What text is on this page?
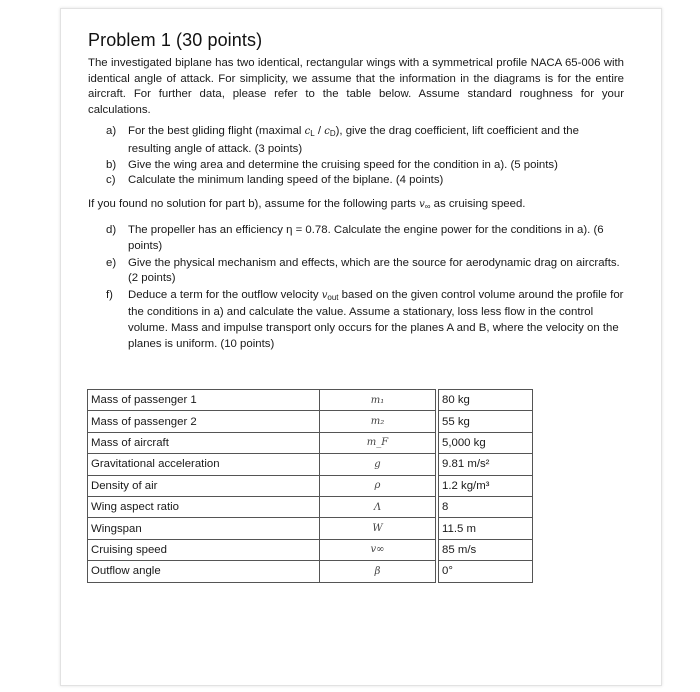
Problem 1 (30 points)

The investigated biplane has two identical, rectangular wings with a symmetrical profile NACA 65-006 with identical angle of attack. For simplicity, we assume that the information in the diagrams is for the entire aircraft. For further data, please refer to the table below. Assume standard roughness for your calculations.

a) For the best gliding flight (maximal $c_L / c_D$), give the drag coefficient, lift coefficient and the resulting angle of attack. (3 points)
b) Give the wing area and determine the cruising speed for the condition in a). (5 points)
c) Calculate the minimum landing speed of the biplane. (4 points)

If you found no solution for part b), assume for the following parts $v_\infty$ as cruising speed.

d) The propeller has an efficiency η = 0.78. Calculate the engine power for the conditions in a). (6 points)
e) Give the physical mechanism and effects, which are the source for aerodynamic drag on aircrafts. (2 points)
f) Deduce a term for the outflow velocity $v_{out}$ based on the given control volume around the profile for the conditions in a) and calculate the value. Assume a stationary, loss less flow in the control volume. Mass and impulse transport only occurs for the planes A and B, where the velocity on the planes is uniform. (10 points)
Mass of passenger 1	m₁		80 kg
Mass of passenger 2	m₂		55 kg
Mass of aircraft	m_F		5,000 kg
Gravitational acceleration	g		9.81 m/s²
Density of air	ρ		1.2 kg/m³
Wing aspect ratio	Λ		8
Wingspan	W		11.5 m
Cruising speed	v∞		85 m/s
Outflow angle	β		0°
